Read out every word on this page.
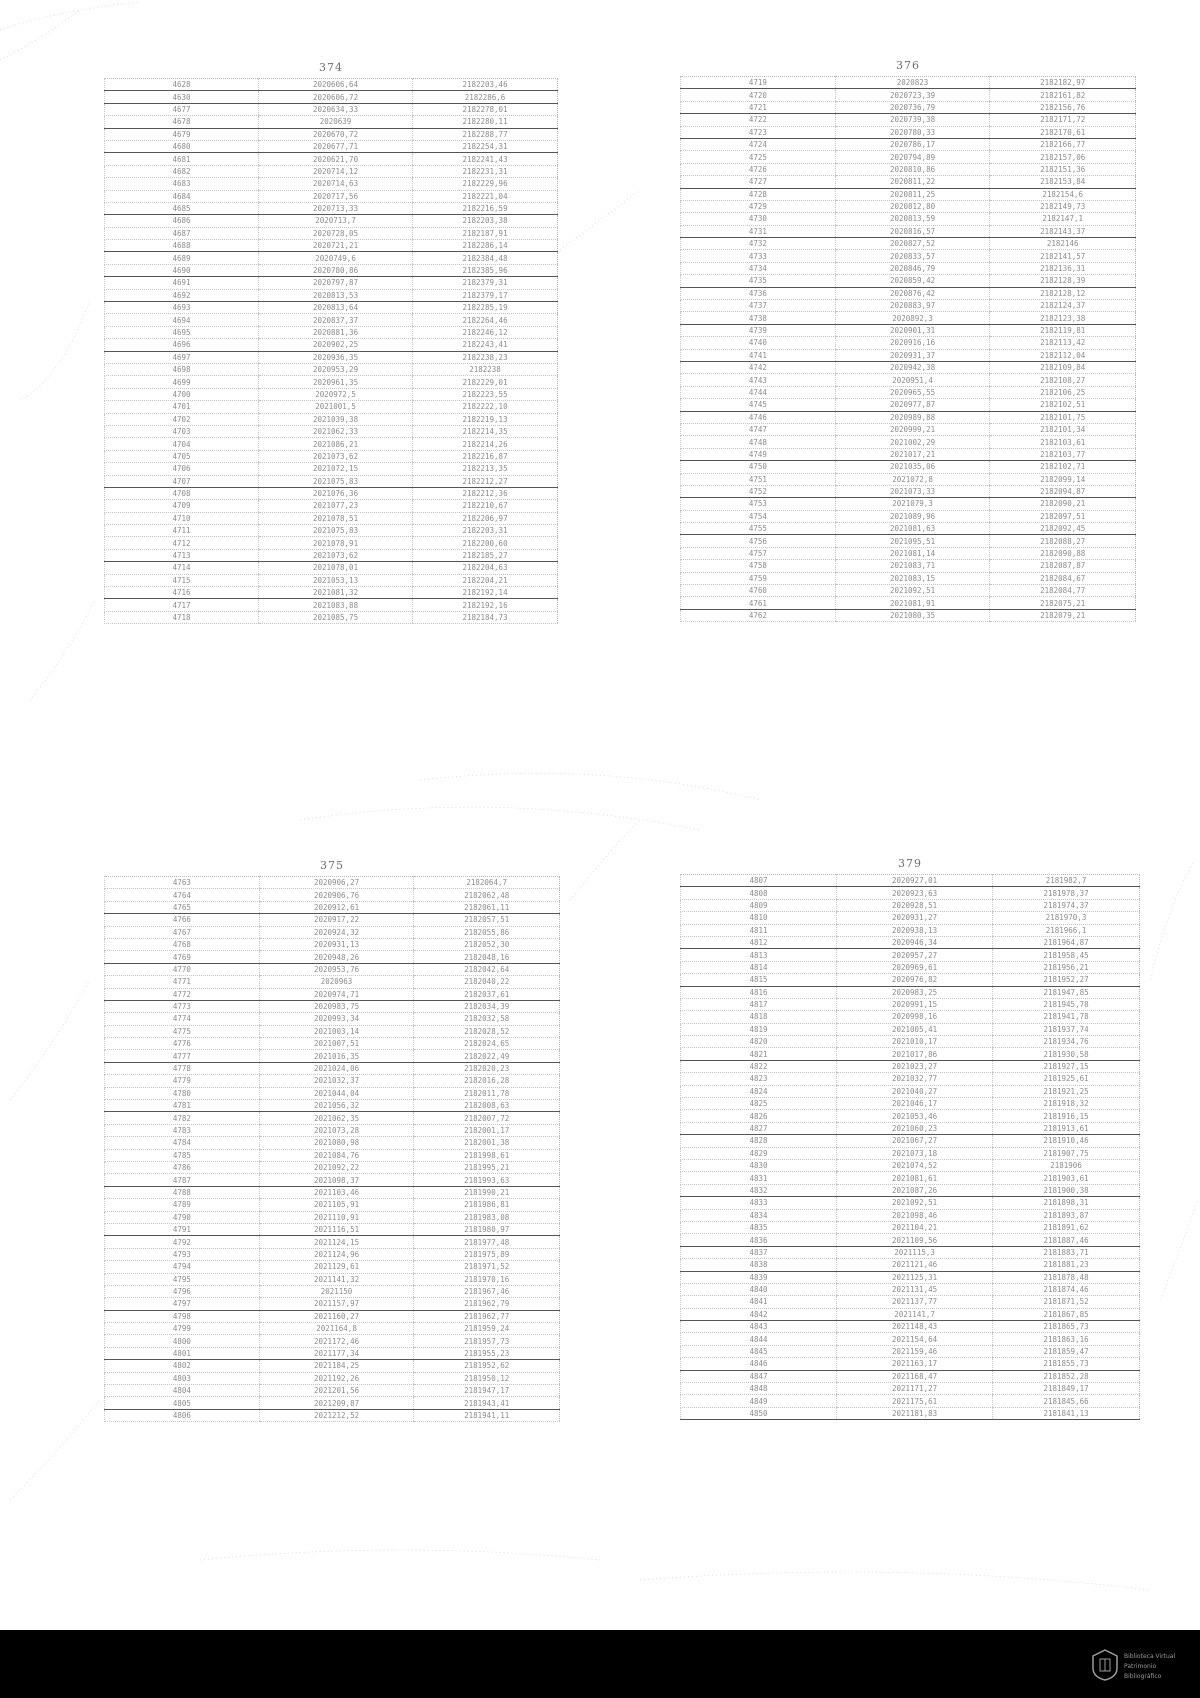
374
4628	2020606,64	2182203,46
4630	2020606,72	2182286,6
4677	2020634,33	2182278,01
4678	2020639	2182280,11
4679	2020670,72	2182288,77
4680	2020677,71	2182254,31
4681	2020621,70	2182241,43
4682	2020714,12	2182231,31
4683	2020714,63	2182229,96
4684	2020717,56	2182221,04
4685	2020713,33	2182216,59
4686	2020713,7	2182203,38
4687	2020728,05	2182187,91
4688	2020721,21	2182286,14
4689	2020749,6	2182384,48
4690	2020780,86	2182385,96
4691	2020797,87	2182379,31
4692	2020813,53	2182379,17
4693	2020813,64	2182285,19
4694	2020837,37	2182264,46
4695	2020881,36	2182246,12
4696	2020902,25	2182243,41
4697	2020936,35	2182238,23
4698	2020953,29	2182238
4699	2020961,35	2182229,01
4700	2020972,5	2182223,55
4701	2021001,5	2182222,10
4702	2021039,38	2182219,13
4703	2021062,33	2182214,35
4704	2021086,21	2182214,26
4705	2021073,62	2182216,87
4706	2021072,15	2182213,35
4707	2021075,83	2182212,27
4708	2021076,36	2182212,36
4709	2021077,23	2182210,67
4710	2021078,51	2182206,97
4711	2021075,83	2182203,31
4712	2021078,91	2182200,60
4713	2021073,62	2182185,27
4714	2021078,01	2182204,63
4715	2021053,13	2182204,21
4716	2021081,32	2182192,14
4717	2021083,88	2182192,16
4718	2021085,75	2182184,73
376
4719	2020823	2182182,97
4720	2020723,39	2182161,82
4721	2020736,79	2182156,76
4722	2020739,38	2182171,72
4723	2020780,33	2182170,61
4724	2020786,17	2182166,77
4725	2020794,89	2182157,06
4726	2020810,86	2182151,36
4727	2020811,22	2182153,84
4728	2020811,25	2182154,6
4729	2020812,80	2182149,73
4730	2020813,59	2182147,1
4731	2020816,57	2182143,37
4732	2020827,52	2182146
4733	2020833,57	2182141,57
4734	2020846,79	2182136,31
4735	2020859,42	2182128,39
4736	2020876,42	2182128,12
4737	2020883,97	2182124,37
4738	2020892,3	2182123,38
4739	2020901,31	2182119,81
4740	2020916,16	2182113,42
4741	2020931,37	2182112,04
4742	2020942,38	2182109,84
4743	2020951,4	2182108,27
4744	2020965,55	2182106,25
4745	2020977,87	2182102,51
4746	2020989,88	2182101,75
4747	2020999,21	2182101,34
4748	2021002,29	2182103,61
4749	2021017,21	2182103,77
4750	2021035,06	2182102,71
4751	2021072,8	2182099,14
4752	2021073,33	2182094,87
4753	2021079,3	2182090,21
4754	2021089,96	2182097,51
4755	2021081,63	2182092,45
4756	2021095,51	2182088,27
4757	2021081,14	2182090,88
4758	2021083,71	2182087,87
4759	2021083,15	2182084,67
4760	2021092,51	2182084,77
4761	2021081,91	2182075,21
4762	2021080,35	2182079,21
375
4763	2020906,27	2182064,7
4764	2020906,76	2182062,48
4765	2020912,61	2182061,11
4766	2020917,22	2182057,51
4767	2020924,32	2182055,86
4768	2020931,13	2182052,30
4769	2020948,26	2182048,16
4770	2020953,76	2182042,64
4771	2020963	2182040,22
4772	2020974,71	2182037,61
4773	2020983,75	2182034,39
4774	2020993,34	2182032,58
4775	2021003,14	2182028,52
4776	2021007,51	2182024,65
4777	2021016,35	2182022,49
4778	2021024,06	2182020,23
4779	2021032,37	2182016,28
4780	2021044,04	2182011,78
4781	2021056,32	2182008,63
4782	2021062,35	2182007,72
4783	2021073,28	2182001,17
4784	2021080,98	2182001,38
4785	2021084,76	2181998,61
4786	2021092,22	2181995,21
4787	2021098,37	2181993,63
4788	2021103,46	2181990,21
4789	2021105,91	2181986,81
4790	2021110,91	2181983,08
4791	2021116,51	2181980,97
4792	2021124,15	2181977,48
4793	2021124,96	2181975,89
4794	2021129,61	2181971,52
4795	2021141,32	2181970,16
4796	2021150	2181967,46
4797	2021157,97	2181962,79
4798	2021160,27	2181962,77
4799	2021164,8	2181959,24
4800	2021172,46	2181957,73
4801	2021177,34	2181955,23
4802	2021184,25	2181952,62
4803	2021192,26	2181950,12
4804	2021201,56	2181947,17
4805	2021209,87	2181943,41
4806	2021212,52	2181941,11
379
4807	2020927,01	2181982,7
4808	2020923,63	2181978,37
4809	2020928,51	2181974,37
4810	2020931,27	2181970,3
4811	2020938,13	2181966,1
4812	2020946,34	2181964,87
4813	2020957,27	2181958,45
4814	2020969,61	2181956,21
4815	2020976,82	2181952,27
4816	2020983,25	2181947,85
4817	2020991,15	2181945,78
4818	2020998,16	2181941,78
4819	2021005,41	2181937,74
4820	2021010,17	2181934,76
4821	2021017,86	2181930,58
4822	2021023,27	2181927,15
4823	2021032,77	2181925,61
4824	2021040,27	2181921,25
4825	2021046,17	2181918,32
4826	2021053,46	2181916,15
4827	2021060,23	2181913,61
4828	2021067,27	2181910,46
4829	2021073,18	2181907,75
4830	2021074,52	2181906
4831	2021081,61	2181903,61
4832	2021087,26	2181900,38
4833	2021092,51	2181898,31
4834	2021098,46	2181893,87
4835	2021104,21	2181891,62
4836	2021109,56	2181887,46
4837	2021115,3	2181883,71
4838	2021121,46	2181881,23
4839	2021125,31	2181878,48
4840	2021131,45	2181874,46
4841	2021137,77	2181871,52
4842	2021141,7	2181867,85
4843	2021148,43	2181865,73
4844	2021154,64	2181863,16
4845	2021159,46	2181859,47
4846	2021163,17	2181855,73
4847	2021168,47	2181852,28
4848	2021171,27	2181849,17
4849	2021175,61	2181845,66
4850	2021181,83	2181841,13
Biblioteca Virtual
Patrimonio Bibliográfico
